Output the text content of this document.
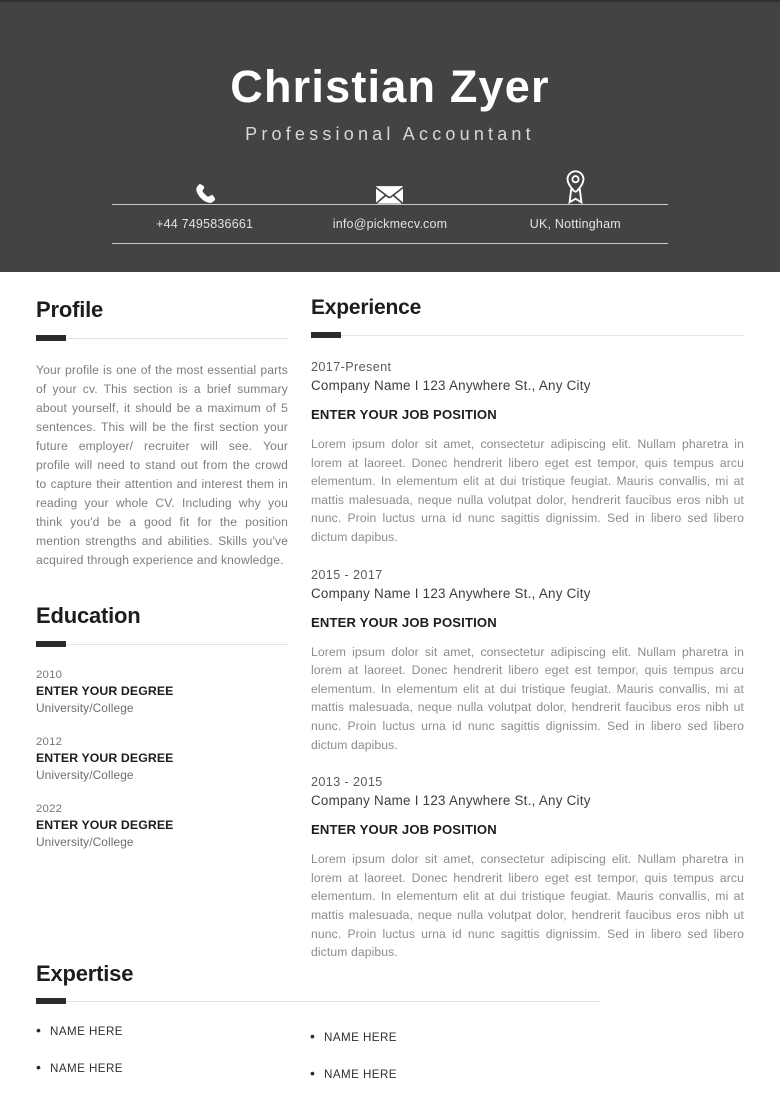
Christian Zyer
Professional Accountant
+44 7495836661	info@pickmecv.com	UK, Nottingham
Profile

Your profile is one of the most essential parts of your cv. This section is a brief summary about yourself, it should be a maximum of 5 sentences. This will be the first section your future employer/ recruiter will see. Your profile will need to stand out from the crowd to capture their attention and interest them in reading your whole CV. Including why you think you'd be a good fit for the position mention strengths and abilities. Skills you've acquired through experience and knowledge.

Education
2010
ENTER YOUR DEGREE
University/College
2012
ENTER YOUR DEGREE
University/College
2022
ENTER YOUR DEGREE
University/College
Experience
2017-Present
Company Name I 123 Anywhere St., Any City
ENTER YOUR JOB POSITION

Lorem ipsum dolor sit amet, consectetur adipiscing elit. Nullam pharetra in lorem at laoreet. Donec hendrerit libero eget est tempor, quis tempus arcu elementum. In elementum elit at dui tristique feugiat. Mauris convallis, mi at mattis malesuada, neque nulla volutpat dolor, hendrerit faucibus eros nibh ut nunc. Proin luctus urna id nunc sagittis dignissim. Sed in libero sed libero dictum dapibus.

2015 - 2017
Company Name I 123 Anywhere St., Any City
ENTER YOUR JOB POSITION

Lorem ipsum dolor sit amet, consectetur adipiscing elit. Nullam pharetra in lorem at laoreet. Donec hendrerit libero eget est tempor, quis tempus arcu elementum. In elementum elit at dui tristique feugiat. Mauris convallis, mi at mattis malesuada, neque nulla volutpat dolor, hendrerit faucibus eros nibh ut nunc. Proin luctus urna id nunc sagittis dignissim. Sed in libero sed libero dictum dapibus.

2013 - 2015
Company Name I 123 Anywhere St., Any City
ENTER YOUR JOB POSITION

Lorem ipsum dolor sit amet, consectetur adipiscing elit. Nullam pharetra in lorem at laoreet. Donec hendrerit libero eget est tempor, quis tempus arcu elementum. In elementum elit at dui tristique feugiat. Mauris convallis, mi at mattis malesuada, neque nulla volutpat dolor, hendrerit faucibus eros nibh ut nunc. Proin luctus urna id nunc sagittis dignissim. Sed in libero sed libero dictum dapibus.

Expertise
• NAME HERE
• NAME HERE
• NAME HERE
• NAME HERE
